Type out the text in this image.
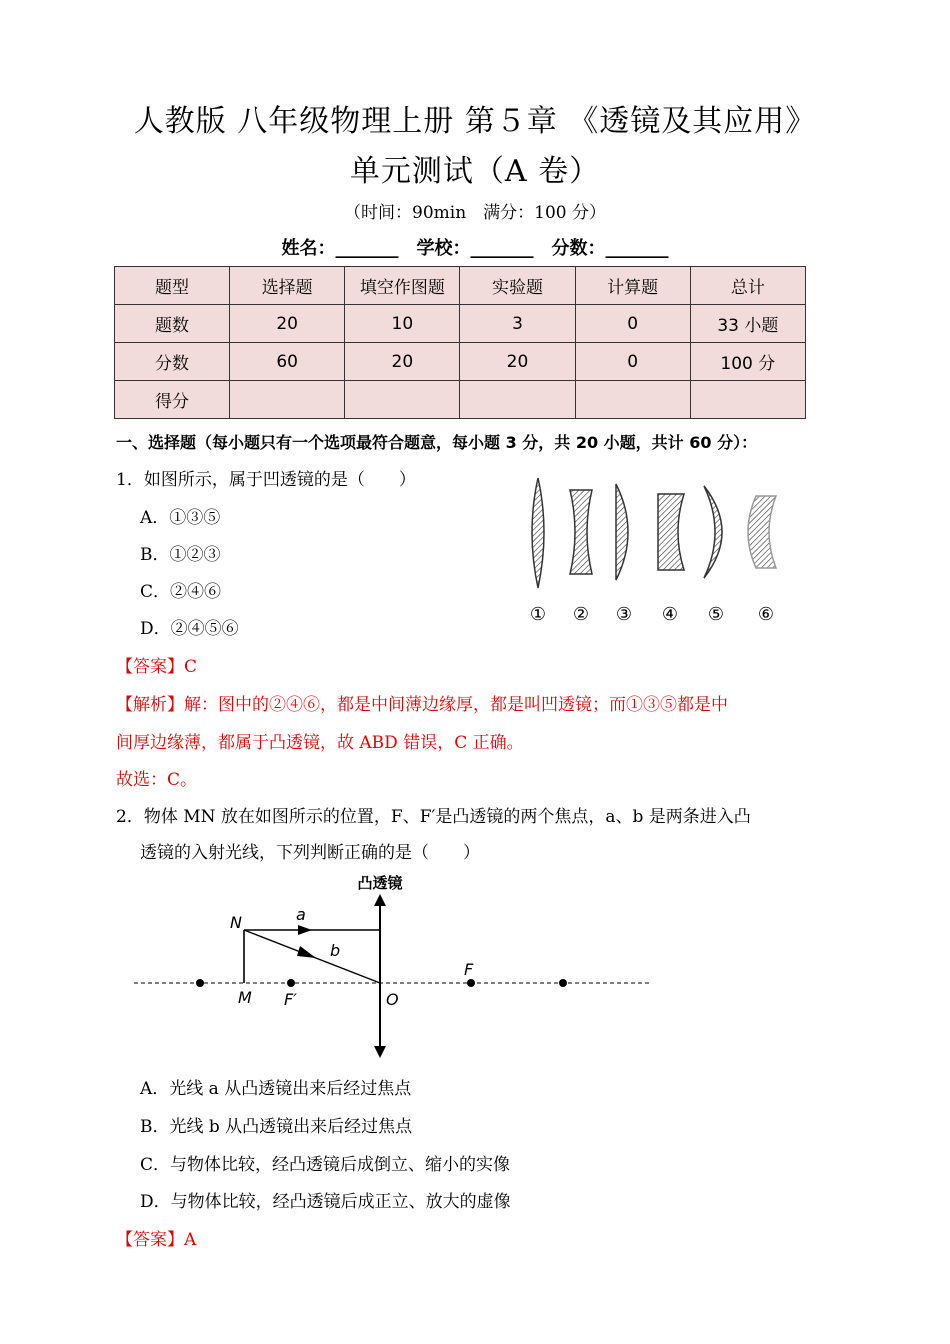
人教版 八年级物理上册 第５章 《透镜及其应用》
单元测试（A 卷）
（时间：90min　满分：100 分）
姓名：_______　学校：_______　分数：_______
题型	选择题	填空作图题	实验题	计算题	总计
题数	20	10	3	0	33 小题
分数	60	20	20	0	100 分
得分					
一、选择题（每小题只有一个选项最符合题意，每小题 3 分，共 20 小题，共计 60 分）：
1．如图所示，属于凹透镜的是（　　）
A．①③⑤
B．①②③
C．②④⑥
D．②④⑤⑥
① ② ③ ④ ⑤ ⑥
【答案】C
【解析】解：图中的②④⑥，都是中间薄边缘厚，都是叫凹透镜；而①③⑤都是中
间厚边缘薄，都属于凸透镜，故 ABD 错误，C 正确。
故选：C。
2．物体 MN 放在如图所示的位置，F、F′是凸透镜的两个焦点，a、b 是两条进入凸
透镜的入射光线，下列判断正确的是（　　）
凸透镜
N	a
b
M F′	O
F
A．光线 a 从凸透镜出来后经过焦点
B．光线 b 从凸透镜出来后经过焦点
C．与物体比较，经凸透镜后成倒立、缩小的实像
D．与物体比较，经凸透镜后成正立、放大的虚像
【答案】A
